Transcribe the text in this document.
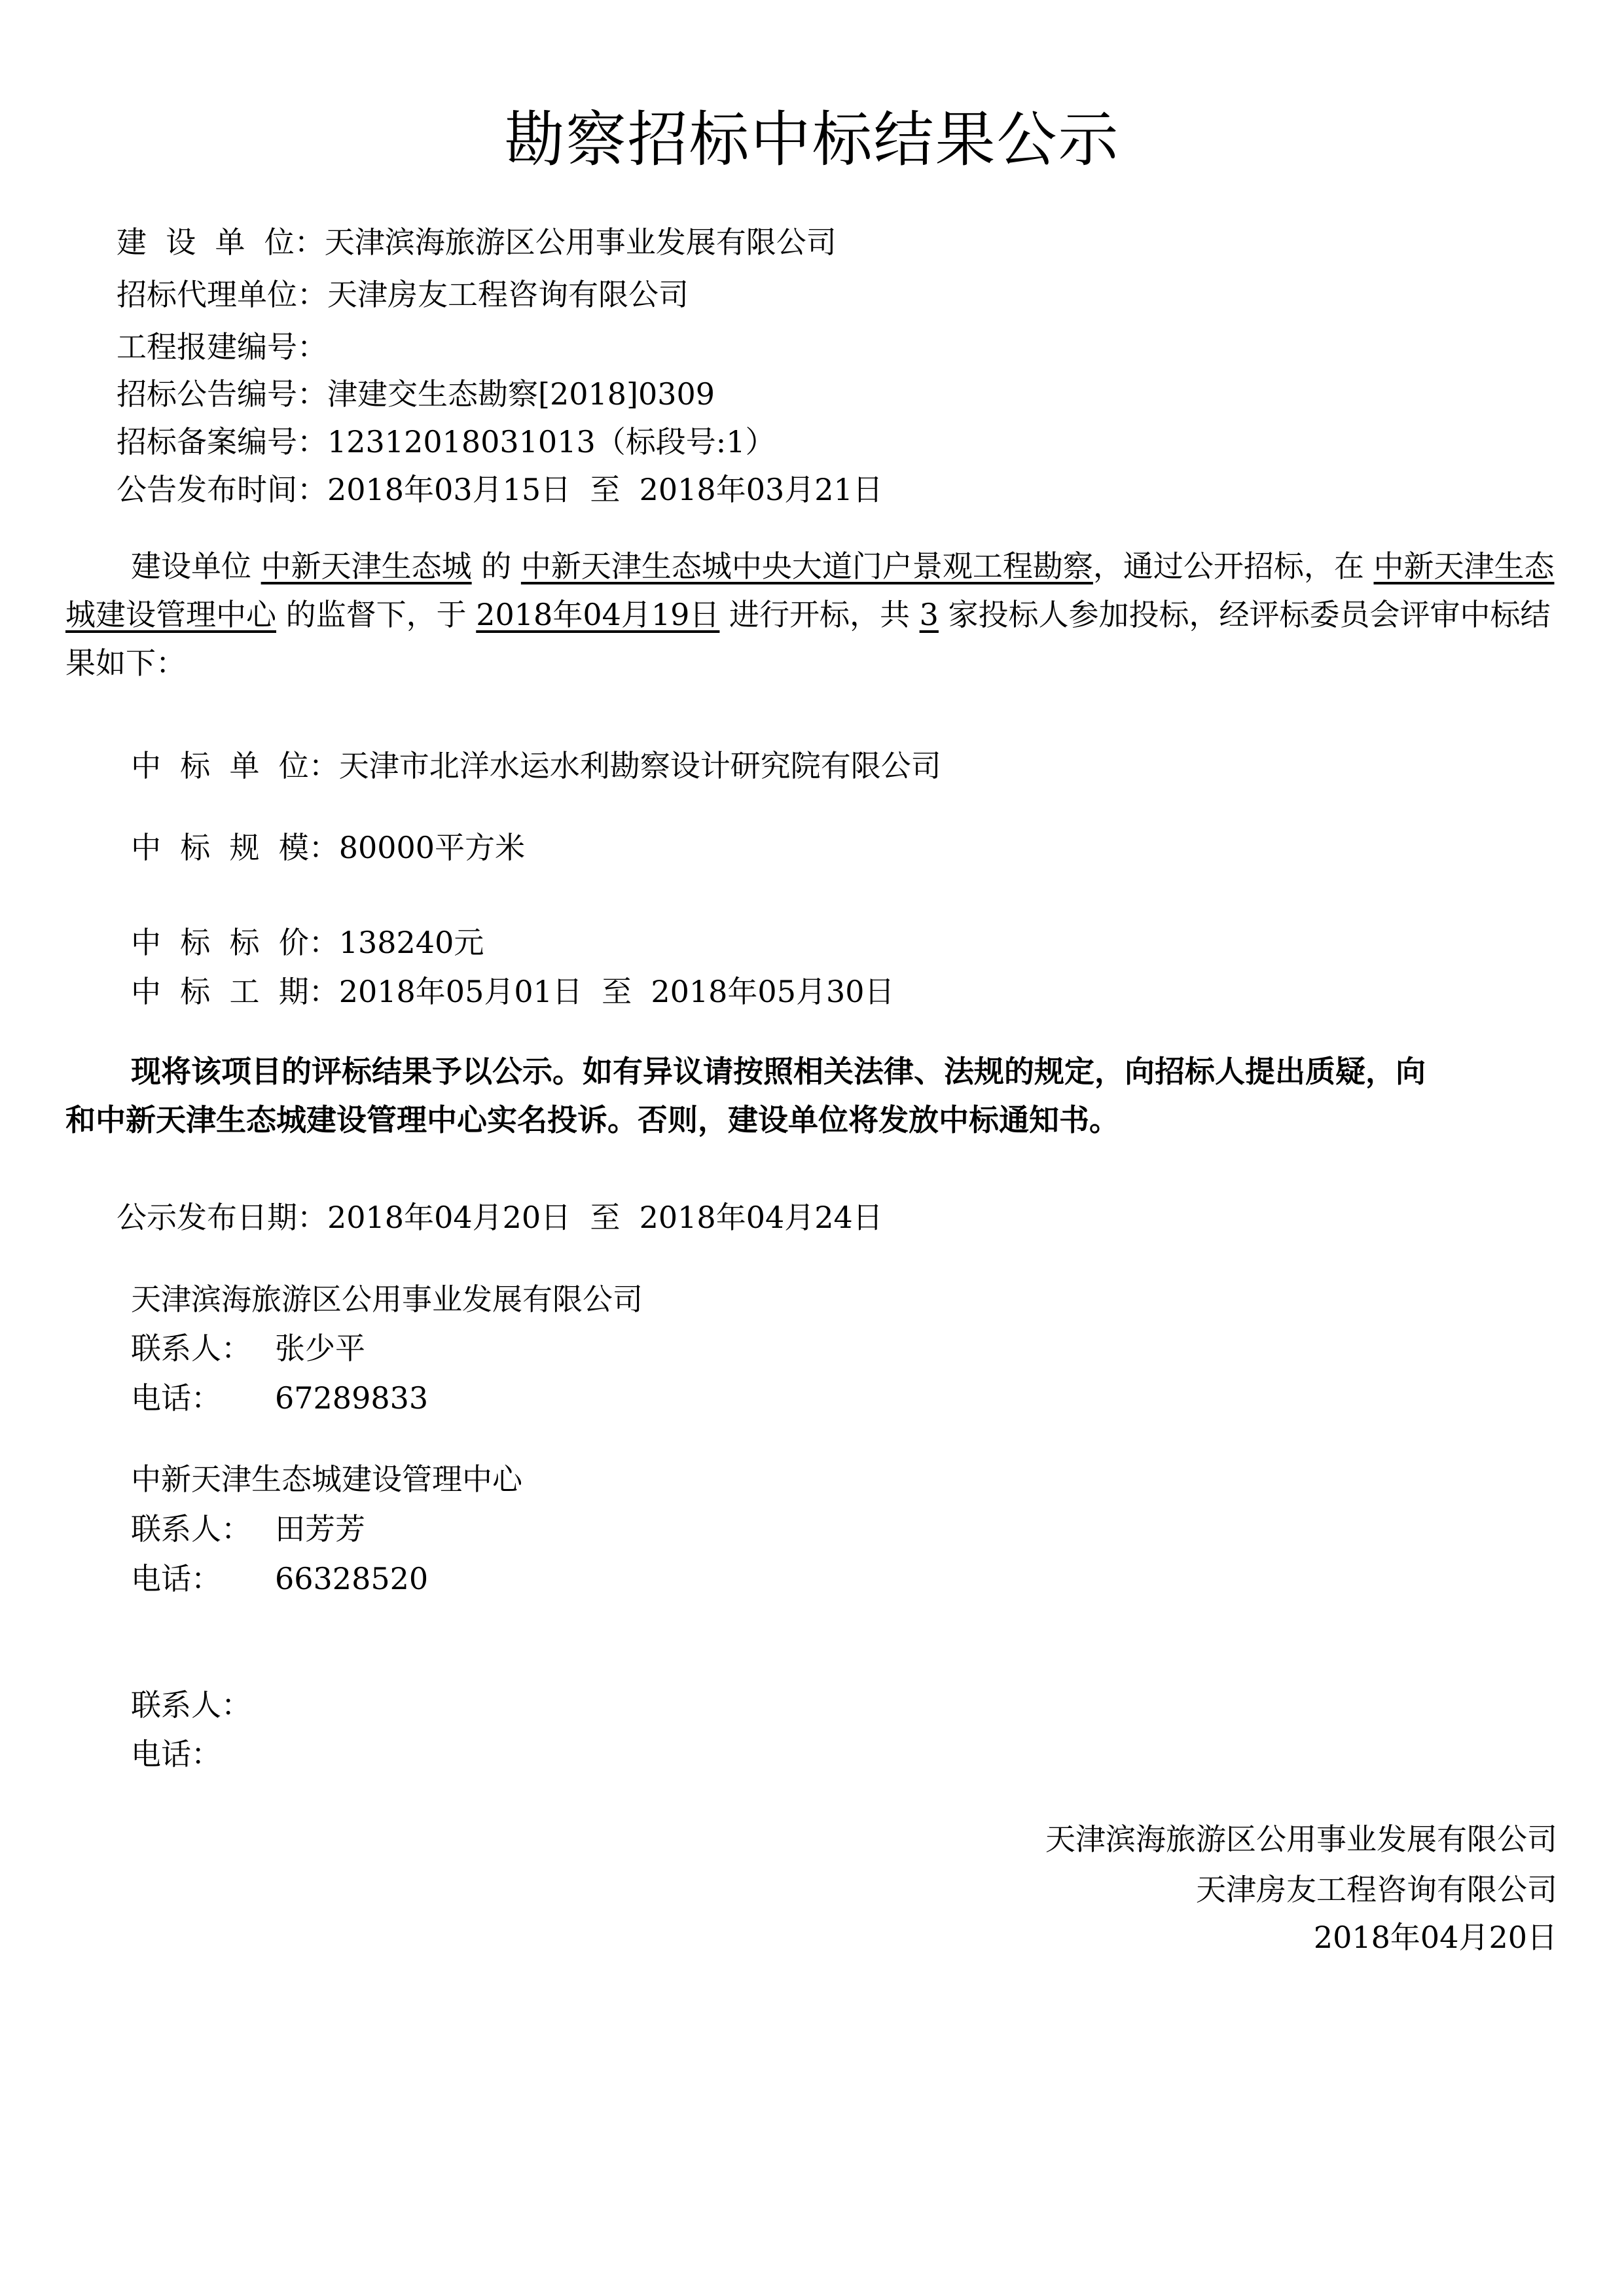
勘察招标中标结果公示
建  设  单  位：天津滨海旅游区公用事业发展有限公司
招标代理单位：天津房友工程咨询有限公司
工程报建编号：
招标公告编号：津建交生态勘察[2018]0309
招标备案编号：12312018031013（标段号:1）
公告发布时间：2018年03月15日  至  2018年03月21日
建设单位 中新天津生态城 的 中新天津生态城中央大道门户景观工程勘察，通过公开招标，在 中新天津生态城建设管理中心 的监督下，于 2018年04月19日 进行开标，共 3 家投标人参加投标，经评标委员会评审中标结果如下：
中  标  单  位：天津市北洋水运水利勘察设计研究院有限公司
中  标  规  模：80000平方米
中  标  标  价：138240元
中  标  工  期：2018年05月01日  至  2018年05月30日
现将该项目的评标结果予以公示。如有异议请按照相关法律、法规的规定，向招标人提出质疑，向和中新天津生态城建设管理中心实名投诉。否则，建设单位将发放中标通知书。
公示发布日期：2018年04月20日  至  2018年04月24日
天津滨海旅游区公用事业发展有限公司
联系人： 张少平
电话： 67289833
中新天津生态城建设管理中心
联系人： 田芳芳
电话： 66328520
联系人：
电话：
天津滨海旅游区公用事业发展有限公司
天津房友工程咨询有限公司
2018年04月20日
